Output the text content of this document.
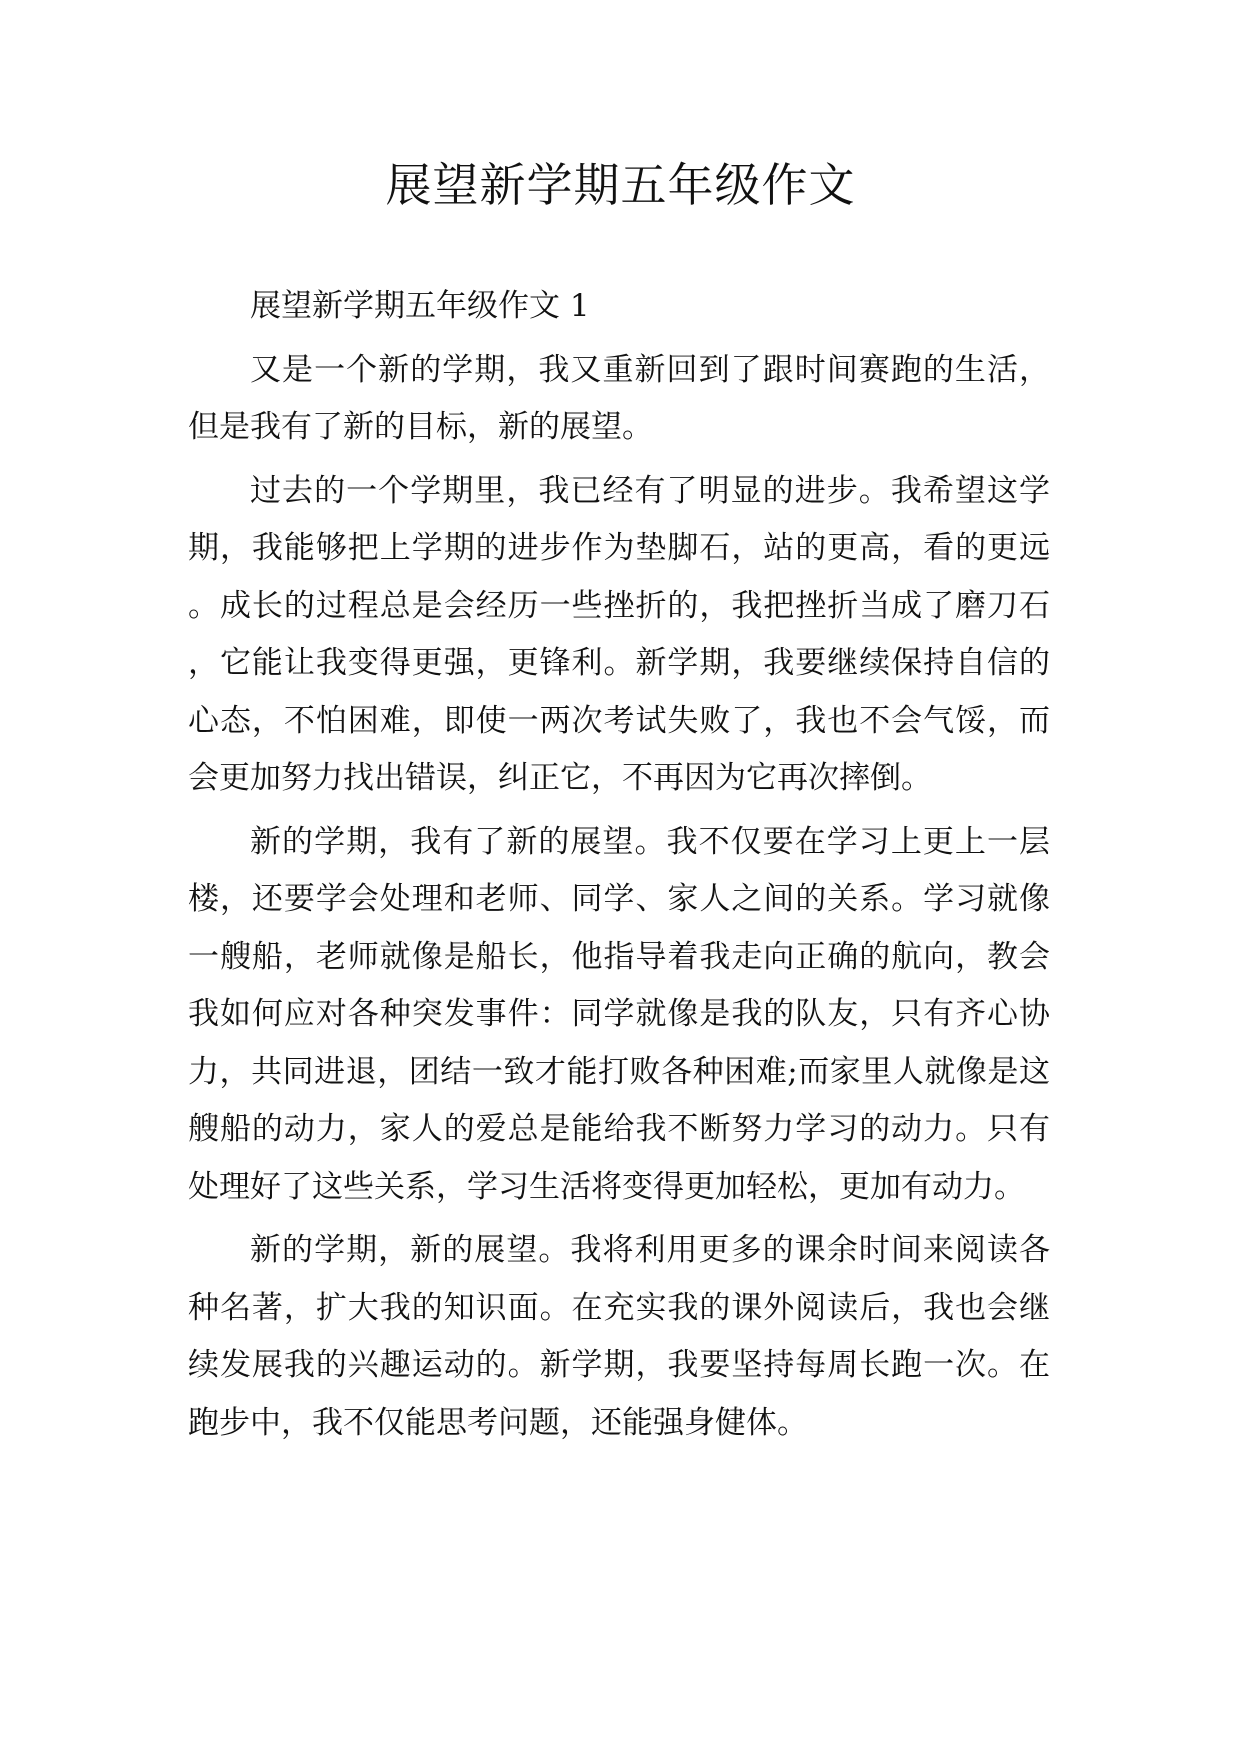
展望新学期五年级作文

展望新学期五年级作文 1

又是一个新的学期，我又重新回到了跟时间赛跑的生活，但是我有了新的目标，新的展望。

过去的一个学期里，我已经有了明显的进步。我希望这学期，我能够把上学期的进步作为垫脚石，站的更高，看的更远。成长的过程总是会经历一些挫折的，我把挫折当成了磨刀石，它能让我变得更强，更锋利。新学期，我要继续保持自信的心态，不怕困难，即使一两次考试失败了，我也不会气馁，而会更加努力找出错误，纠正它，不再因为它再次摔倒。

新的学期，我有了新的展望。我不仅要在学习上更上一层楼，还要学会处理和老师、同学、家人之间的关系。学习就像一艘船，老师就像是船长，他指导着我走向正确的航向，教会我如何应对各种突发事件：同学就像是我的队友，只有齐心协力，共同进退，团结一致才能打败各种困难;而家里人就像是这艘船的动力，家人的爱总是能给我不断努力学习的动力。只有处理好了这些关系，学习生活将变得更加轻松，更加有动力。

新的学期，新的展望。我将利用更多的课余时间来阅读各种名著，扩大我的知识面。在充实我的课外阅读后，我也会继续发展我的兴趣运动的。新学期，我要坚持每周长跑一次。在跑步中，我不仅能思考问题，还能强身健体。
